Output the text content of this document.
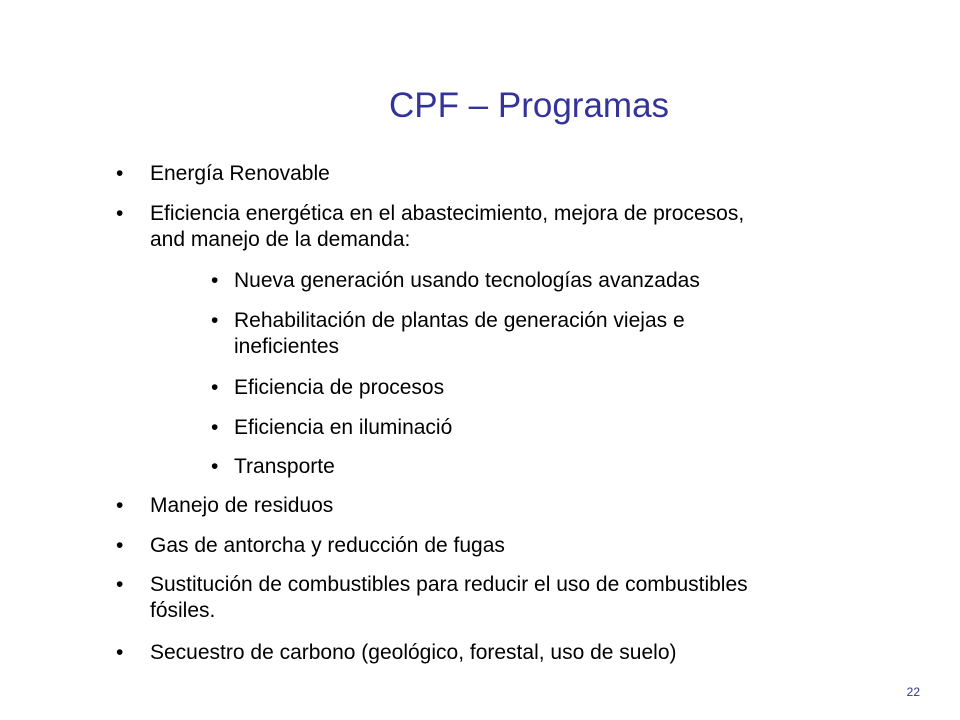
CPF – Programas
• Energía Renovable
• Eficiencia energética en el abastecimiento, mejora de procesos,
and manejo de la demanda:
• Nueva generación usando tecnologías avanzadas
• Rehabilitación de plantas de generación viejas e
ineficientes
• Eficiencia de procesos
• Eficiencia en iluminació
• Transporte
• Manejo de residuos
• Gas de antorcha y reducción de fugas
• Sustitución de combustibles para reducir el uso de combustibles
fósiles.
• Secuestro de carbono (geológico, forestal, uso de suelo)
22
